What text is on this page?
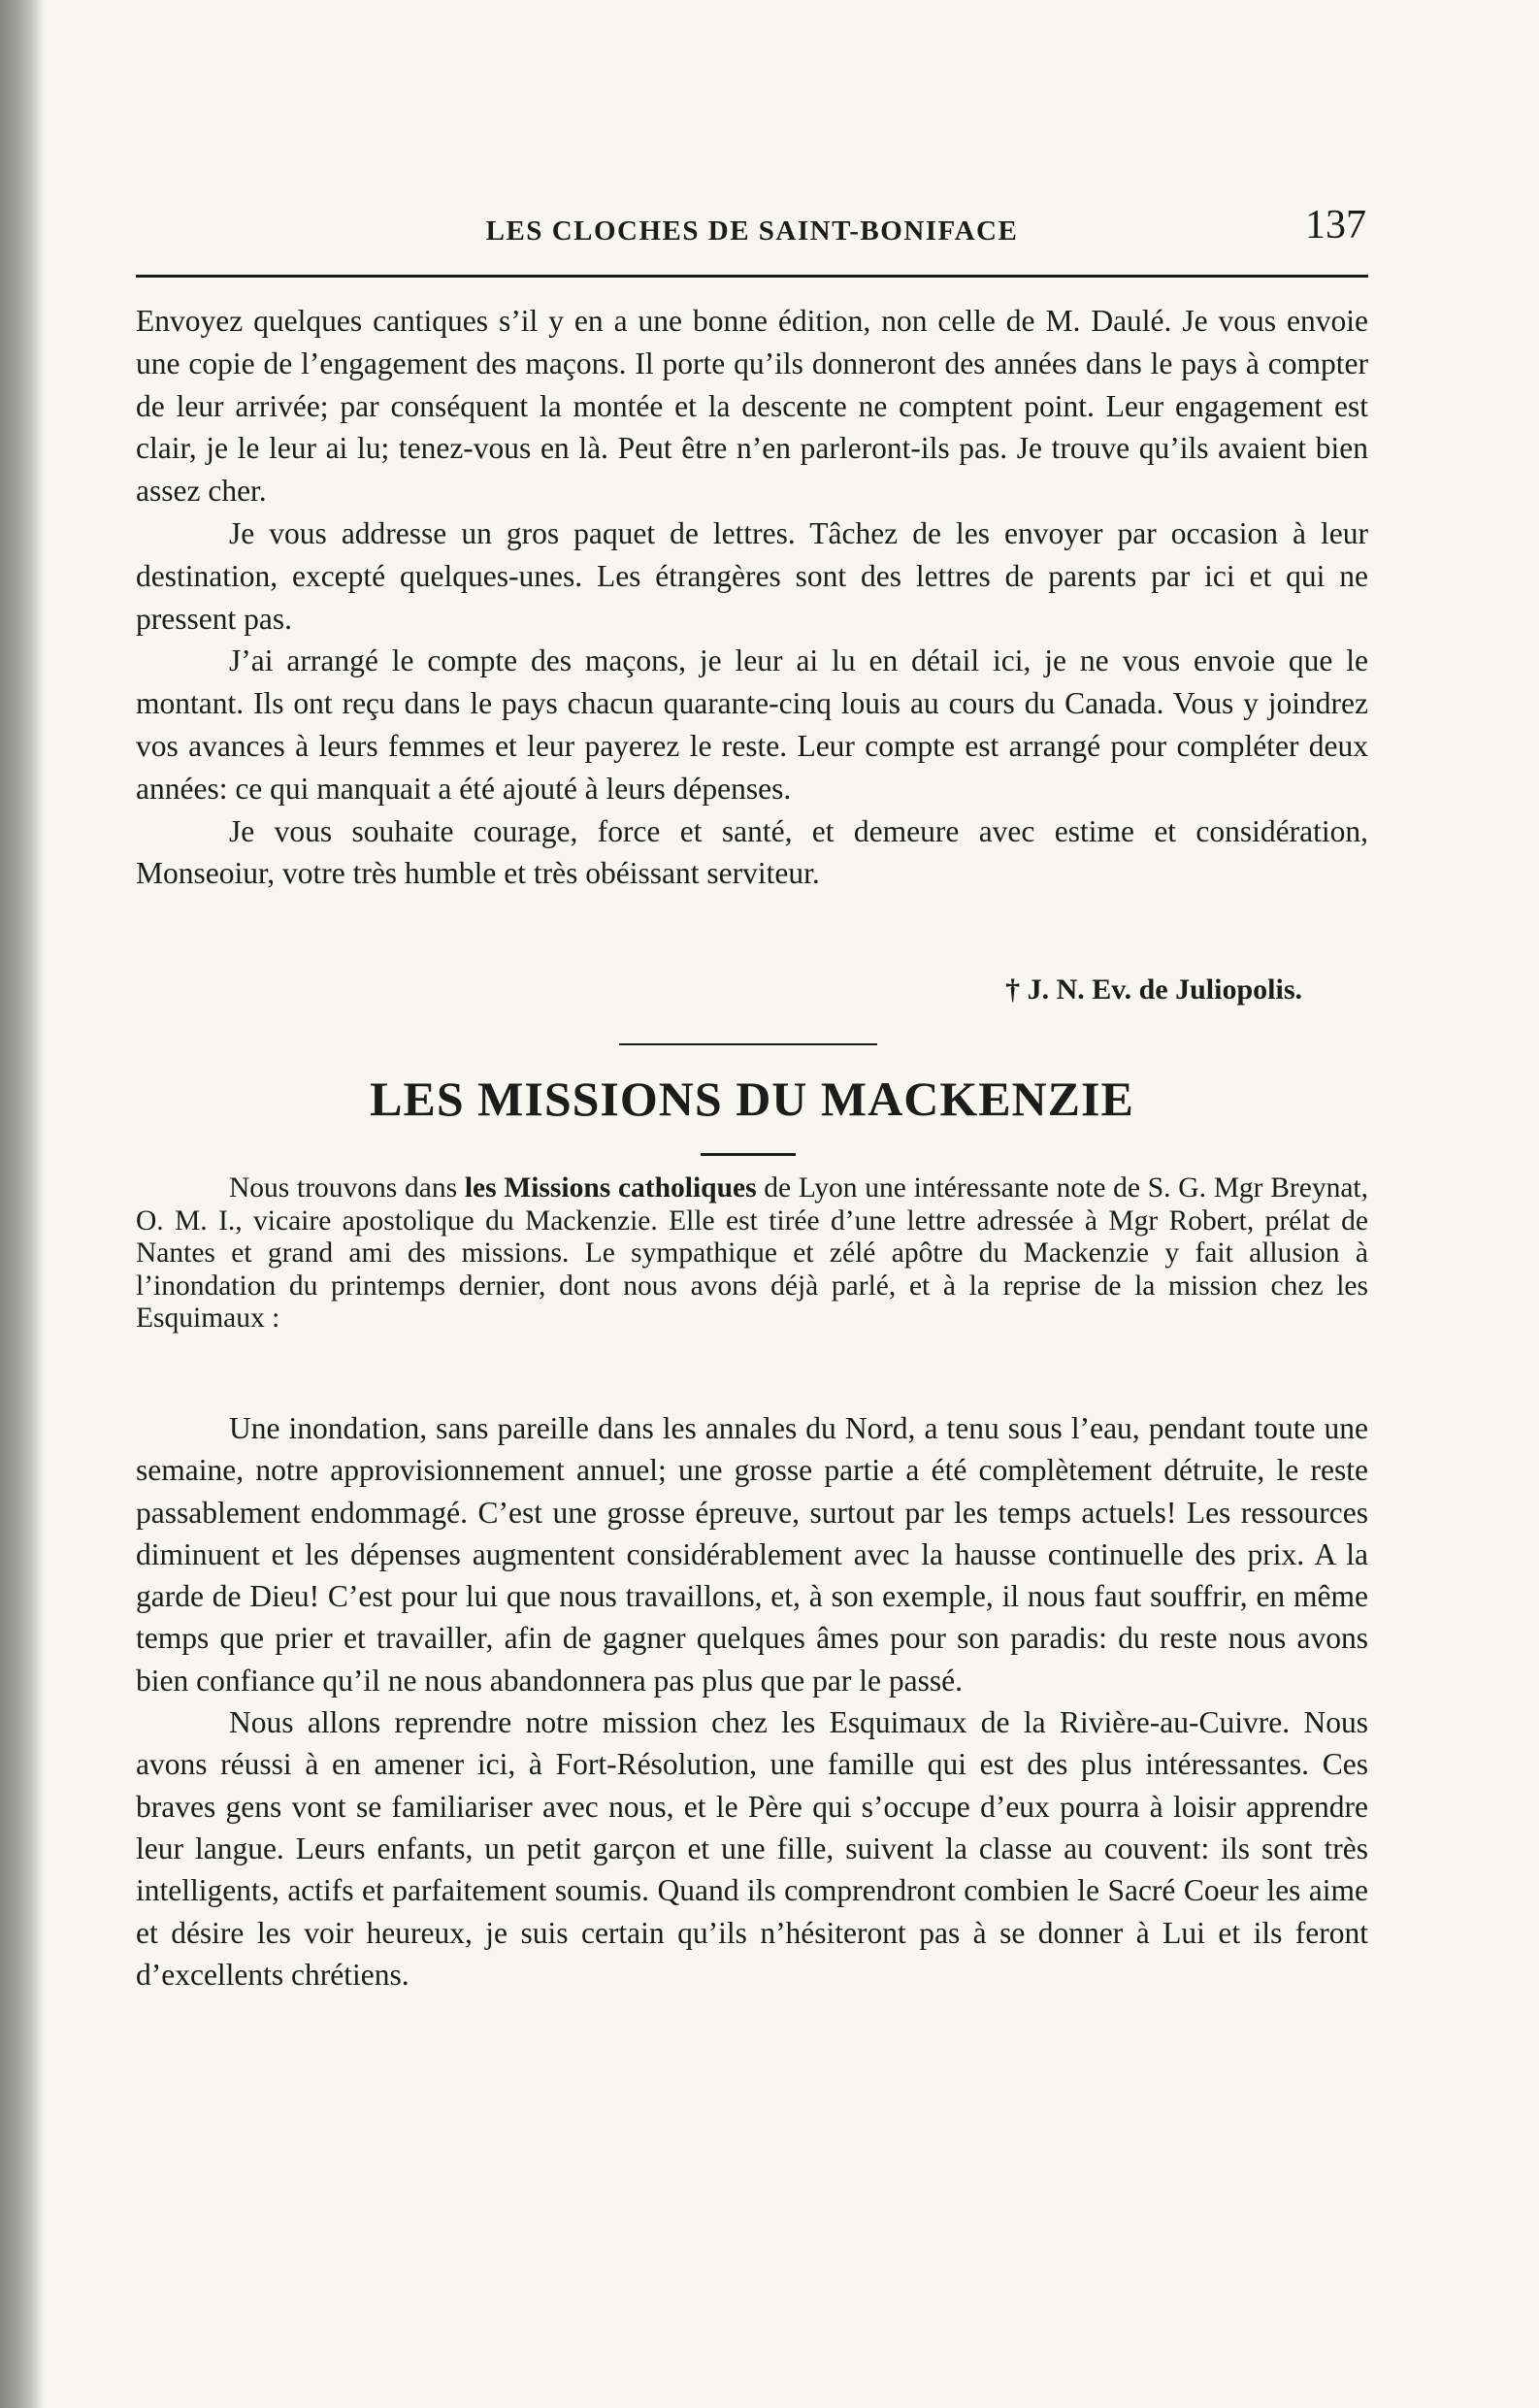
LES CLOCHES DE SAINT-BONIFACE	137

Envoyez quelques cantiques s’il y en a une bonne édition, non celle de M. Daulé. Je vous envoie une copie de l’engagement des maçons. Il porte qu’ils donneront des années dans le pays à compter de leur arrivée; par conséquent la montée et la descente ne comptent point. Leur engagement est clair, je le leur ai lu; tenez-vous en là. Peut être n’en parleront-ils pas. Je trouve qu’ils avaient bien assez cher.

Je vous addresse un gros paquet de lettres. Tâchez de les envoyer par occasion à leur destination, excepté quelques-unes. Les étrangères sont des lettres de parents par ici et qui ne pressent pas.

J’ai arrangé le compte des maçons, je leur ai lu en détail ici, je ne vous envoie que le montant. Ils ont reçu dans le pays chacun quarante-cinq louis au cours du Canada. Vous y joindrez vos avances à leurs femmes et leur payerez le reste. Leur compte est arrangé pour compléter deux années: ce qui manquait a été ajouté à leurs dépenses.

Je vous souhaite courage, force et santé, et demeure avec estime et considération, Monseoiur, votre très humble et très obéissant serviteur.

† J. N. Ev. de Juliopolis.
LES MISSIONS DU MACKENZIE

Nous trouvons dans les Missions catholiques de Lyon une intéressante note de S. G. Mgr Breynat, O. M. I., vicaire apostolique du Mackenzie. Elle est tirée d’une lettre adressée à Mgr Robert, prélat de Nantes et grand ami des missions. Le sympathique et zélé apôtre du Mackenzie y fait allusion à l’inondation du printemps dernier, dont nous avons déjà parlé, et à la reprise de la mission chez les Esquimaux :

Une inondation, sans pareille dans les annales du Nord, a tenu sous l’eau, pendant toute une semaine, notre approvisionnement annuel; une grosse partie a été complètement détruite, le reste passablement endommagé. C’est une grosse épreuve, surtout par les temps actuels! Les ressources diminuent et les dépenses augmentent considérablement avec la hausse continuelle des prix. A la garde de Dieu! C’est pour lui que nous travaillons, et, à son exemple, il nous faut souffrir, en même temps que prier et travailler, afin de gagner quelques âmes pour son paradis: du reste nous avons bien confiance qu’il ne nous abandonnera pas plus que par le passé.

Nous allons reprendre notre mission chez les Esquimaux de la Rivière-au-Cuivre. Nous avons réussi à en amener ici, à Fort-Résolution, une famille qui est des plus intéressantes. Ces braves gens vont se familiariser avec nous, et le Père qui s’occupe d’eux pourra à loisir apprendre leur langue. Leurs enfants, un petit garçon et une fille, suivent la classe au couvent: ils sont très intelligents, actifs et parfaitement soumis. Quand ils comprendront combien le Sacré Coeur les aime et désire les voir heureux, je suis certain qu’ils n’hésiteront pas à se donner à Lui et ils feront d’excellents chrétiens.
